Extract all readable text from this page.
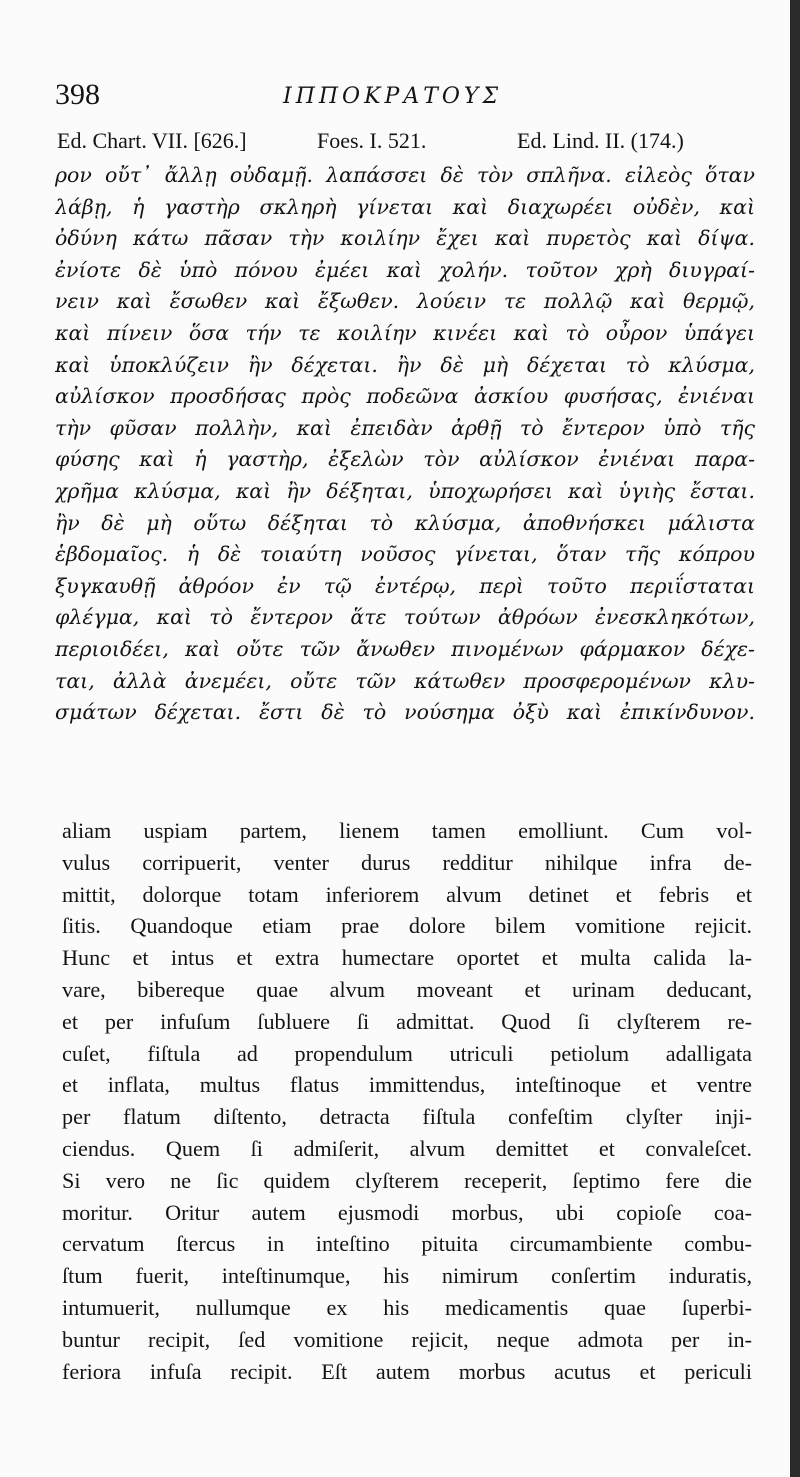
398	ΙΠΠΟΚΡΑΤΟΥΣ
Ed. Chart. VII. [626.]	Foes. I. 521.	Ed. Lind. II. (174.)
ρον οὔτ᾽ ἄλλῃ οὐδαμῇ. λαπάσσει δὲ τὸν σπλῆνα. εἰλεὸς ὅταν
λάβῃ, ἡ γαστὴρ σκληρὴ γίνεται καὶ διαχωρέει οὐδὲν, καὶ
ὀδύνη κάτω πᾶσαν τὴν κοιλίην ἔχει καὶ πυρετὸς καὶ δίψα.
ἐνίοτε δὲ ὑπὸ πόνου ἐμέει καὶ χολήν. τοῦτον χρὴ διυγραί-
νειν καὶ ἔσωθεν καὶ ἔξωθεν. λούειν τε πολλῷ καὶ θερμῷ,
καὶ πίνειν ὅσα τήν τε κοιλίην κινέει καὶ τὸ οὖρον ὑπάγει
καὶ ὑποκλύζειν ἢν δέχεται. ἢν δὲ μὴ δέχεται τὸ κλύσμα,
αὐλίσκον προσδήσας πρὸς ποδεῶνα ἀσκίου φυσήσας, ἐνιέναι
τὴν φῦσαν πολλὴν, καὶ ἐπειδὰν ἀρθῇ τὸ ἔντερον ὑπὸ τῆς
φύσης καὶ ἡ γαστὴρ, ἐξελὼν τὸν αὐλίσκον ἐνιέναι παρα-
χρῆμα κλύσμα, καὶ ἢν δέξηται, ὑποχωρήσει καὶ ὑγιὴς ἔσται.
ἢν δὲ μὴ οὕτω δέξηται τὸ κλύσμα, ἀποθνήσκει μάλιστα
ἑβδομαῖος. ἡ δὲ τοιαύτη νοῦσος γίνεται, ὅταν τῆς κόπρου
ξυγκαυθῇ ἀθρόον ἐν τῷ ἐντέρῳ, περὶ τοῦτο περιΐσταται
φλέγμα, καὶ τὸ ἔντερον ἅτε τούτων ἀθρόων ἐνεσκληκότων,
περιοιδέει, καὶ οὔτε τῶν ἄνωθεν πινομένων φάρμακον δέχε-
ται, ἀλλὰ ἀνεμέει, οὔτε τῶν κάτωθεν προσφερομένων κλυ-
σμάτων δέχεται. ἔστι δὲ τὸ νούσημα ὀξὺ καὶ ἐπικίνδυνον.
aliam uspiam partem, lienem tamen emolliunt. Cum vol-
vulus corripuerit, venter durus redditur nihilque infra de-
mittit, dolorque totam inferiorem alvum detinet et febris et
ſitis. Quandoque etiam prae dolore bilem vomitione rejicit.
Hunc et intus et extra humectare oportet et multa calida la-
vare, bibereque quae alvum moveant et urinam deducant,
et per infuſum ſubluere ſi admittat. Quod ſi clyſterem re-
cuſet, fiſtula ad propendulum utriculi petiolum adalligata
et inflata, multus flatus immittendus, inteſtinoque et ventre
per flatum diſtento, detracta fiſtula confeſtim clyſter inji-
ciendus. Quem ſi admiſerit, alvum demittet et convaleſcet.
Si vero ne ſic quidem clyſterem receperit, ſeptimo fere die
moritur. Oritur autem ejusmodi morbus, ubi copioſe coa-
cervatum ſtercus in inteſtino pituita circumambiente combu-
ſtum fuerit, inteſtinumque, his nimirum conſertim induratis,
intumuerit, nullumque ex his medicamentis quae ſuperbi-
buntur recipit, ſed vomitione rejicit, neque admota per in-
feriora infuſa recipit. Eſt autem morbus acutus et periculi
